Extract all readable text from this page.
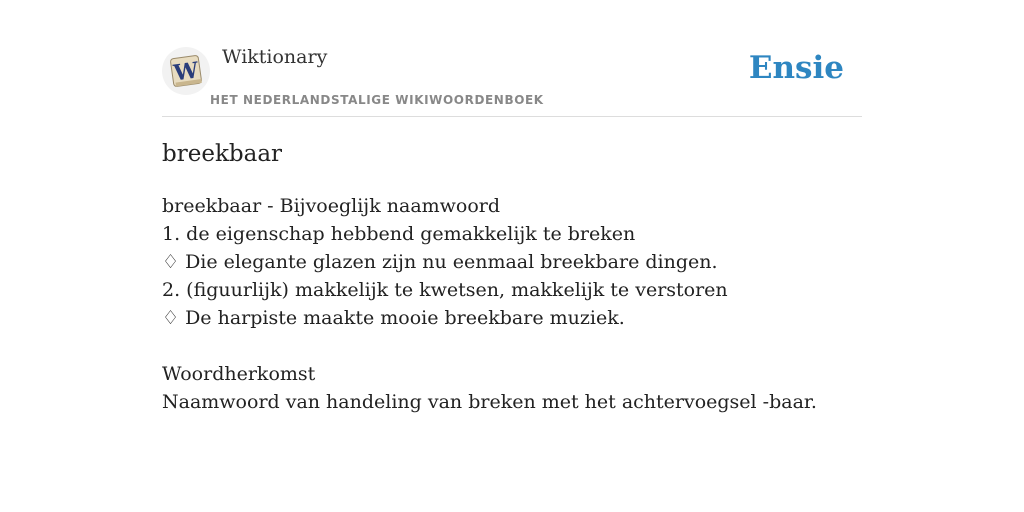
W
Wiktionary
HET NEDERLANDSTALIGE WIKIWOORDENBOEK
Ensie
breekbaar
breekbaar - Bijvoeglijk naamwoord
1. de eigenschap hebbend gemakkelijk te breken
♢ Die elegante glazen zijn nu eenmaal breekbare dingen.
2. (figuurlijk) makkelijk te kwetsen, makkelijk te verstoren
♢ De harpiste maakte mooie breekbare muziek.
Woordherkomst
Naamwoord van handeling van breken met het achtervoegsel -baar.
